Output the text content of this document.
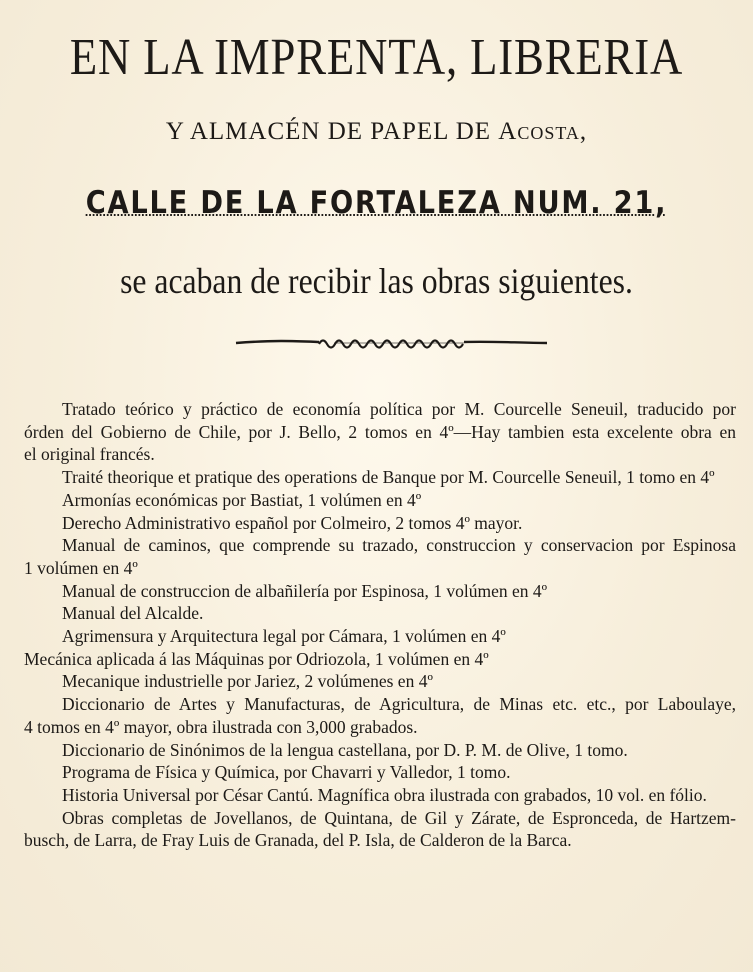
EN LA IMPRENTA, LIBRERIA
Y ALMACÉN DE PAPEL DE Acosta,
CALLE DE LA FORTALEZA NUM. 21,
se acaban de recibir las obras siguientes.

Tratado teórico y práctico de economía política por M. Courcelle Seneuil, traducido por

órden del Gobierno de Chile, por J. Bello, 2 tomos en 4º—Hay tambien esta excelente obra en

el original francés.

Traité theorique et pratique des operations de Banque por M. Courcelle Seneuil, 1 tomo en 4º

Armonías económicas por Bastiat, 1 volúmen en 4º

Derecho Administrativo español por Colmeiro, 2 tomos 4º mayor.

Manual de caminos, que comprende su trazado, construccion y conservacion por Espinosa

1 volúmen en 4º

Manual de construccion de albañilería por Espinosa, 1 volúmen en 4º

Manual del Alcalde.

Agrimensura y Arquitectura legal por Cámara, 1 volúmen en 4º

Mecánica aplicada á las Máquinas por Odriozola, 1 volúmen en 4º

Mecanique industrielle por Jariez, 2 volúmenes en 4º

Diccionario de Artes y Manufacturas, de Agricultura, de Minas etc. etc., por Laboulaye,

4 tomos en 4º mayor, obra ilustrada con 3,000 grabados.

Diccionario de Sinónimos de la lengua castellana, por D. P. M. de Olive, 1 tomo.

Programa de Física y Química, por Chavarri y Valledor, 1 tomo.

Historia Universal por César Cantú. Magnífica obra ilustrada con grabados, 10 vol. en fólio.

Obras completas de Jovellanos, de Quintana, de Gil y Zárate, de Espronceda, de Hartzem-

busch, de Larra, de Fray Luis de Granada, del P. Isla, de Calderon de la Barca.
